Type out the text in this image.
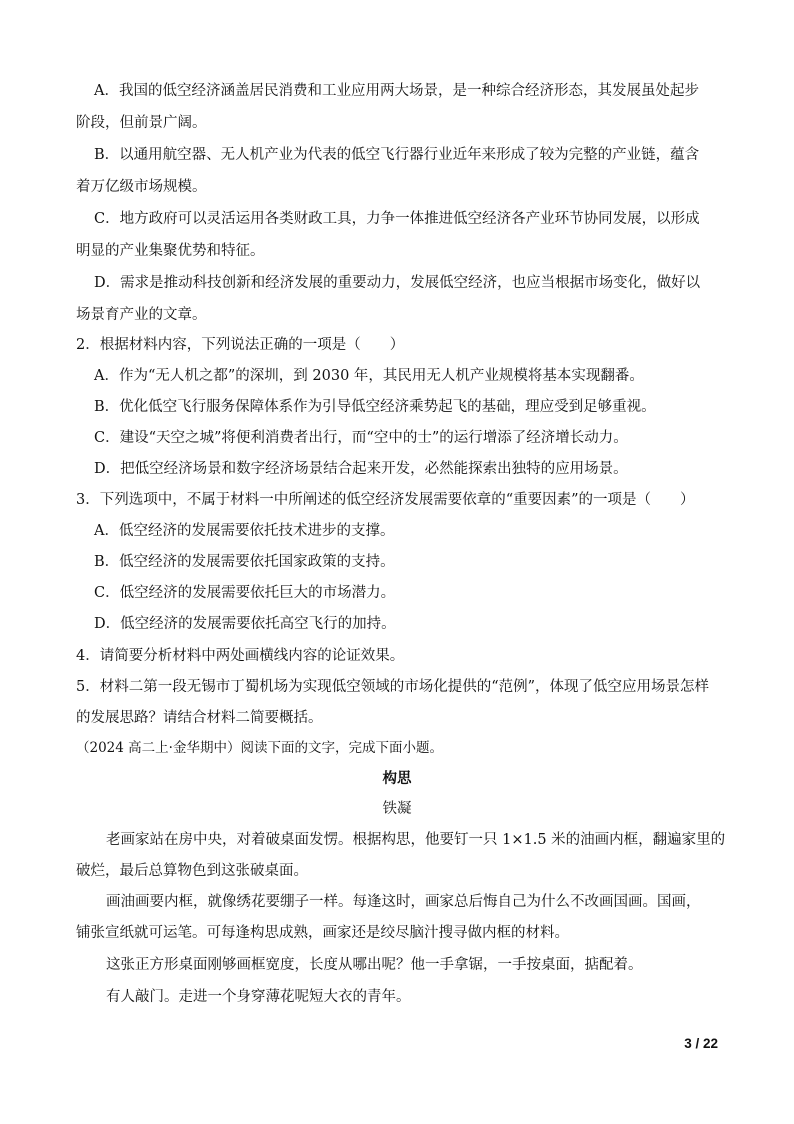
A．我国的低空经济涵盖居民消费和工业应用两大场景，是一种综合经济形态，其发展虽处起步
阶段，但前景广阔。
B．以通用航空器、无人机产业为代表的低空飞行器行业近年来形成了较为完整的产业链，蕴含
着万亿级市场规模。
C．地方政府可以灵活运用各类财政工具，力争一体推进低空经济各产业环节协同发展，以形成
明显的产业集聚优势和特征。
D．需求是推动科技创新和经济发展的重要动力，发展低空经济，也应当根据市场变化，做好以
场景育产业的文章。
2．根据材料内容，下列说法正确的一项是（　　）
A．作为“无人机之都”的深圳，到 2030 年，其民用无人机产业规模将基本实现翻番。
B．优化低空飞行服务保障体系作为引导低空经济乘势起飞的基础，理应受到足够重视。
C．建设“天空之城”将便利消费者出行，而“空中的士”的运行增添了经济增长动力。
D．把低空经济场景和数字经济场景结合起来开发，必然能探索出独特的应用场景。
3．下列选项中，不属于材料一中所阐述的低空经济发展需要依章的“重要因素”的一项是（　　）
A．低空经济的发展需要依托技术进步的支撑。
B．低空经济的发展需要依托国家政策的支持。
C．低空经济的发展需要依托巨大的市场潜力。
D．低空经济的发展需要依托高空飞行的加持。
4．请简要分析材料中两处画横线内容的论证效果。
5．材料二第一段无锡市丁蜀机场为实现低空领域的市场化提供的“范例”，体现了低空应用场景怎样
的发展思路？请结合材料二简要概括。
（2024 高二上·金华期中）阅读下面的文字，完成下面小题。
构思
铁凝
老画家站在房中央，对着破桌面发愣。根据构思，他要钉一只 1×1.5 米的油画内框，翻遍家里的
破烂，最后总算物色到这张破桌面。
画油画要内框，就像绣花要绷子一样。每逢这时，画家总后悔自己为什么不改画国画。国画，
铺张宣纸就可运笔。可每逢构思成熟，画家还是绞尽脑汁搜寻做内框的材料。
这张正方形桌面刚够画框宽度，长度从哪出呢？他一手拿锯，一手按桌面，掂配着。
有人敲门。走进一个身穿薄花呢短大衣的青年。
3 / 22
